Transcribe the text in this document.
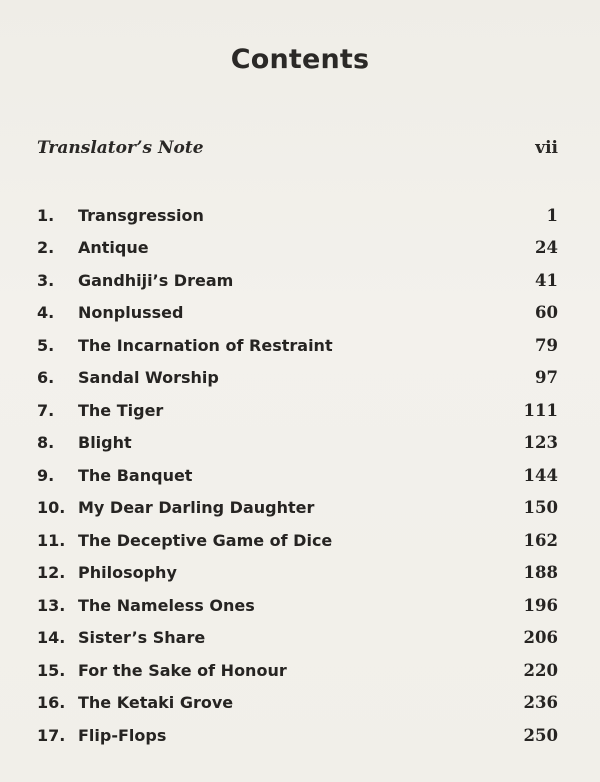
Contents
Translator’s Note	vii
1.	Transgression	1
2.	Antique	24
3.	Gandhiji’s Dream	41
4.	Nonplussed	60
5.	The Incarnation of Restraint	79
6.	Sandal Worship	97
7.	The Tiger	111
8.	Blight	123
9.	The Banquet	144
10. My Dear Darling Daughter	150
11. The Deceptive Game of Dice	162
12. Philosophy	188
13. The Nameless Ones	196
14. Sister’s Share	206
15. For the Sake of Honour	220
16. The Ketaki Grove	236
17. Flip-Flops	250
